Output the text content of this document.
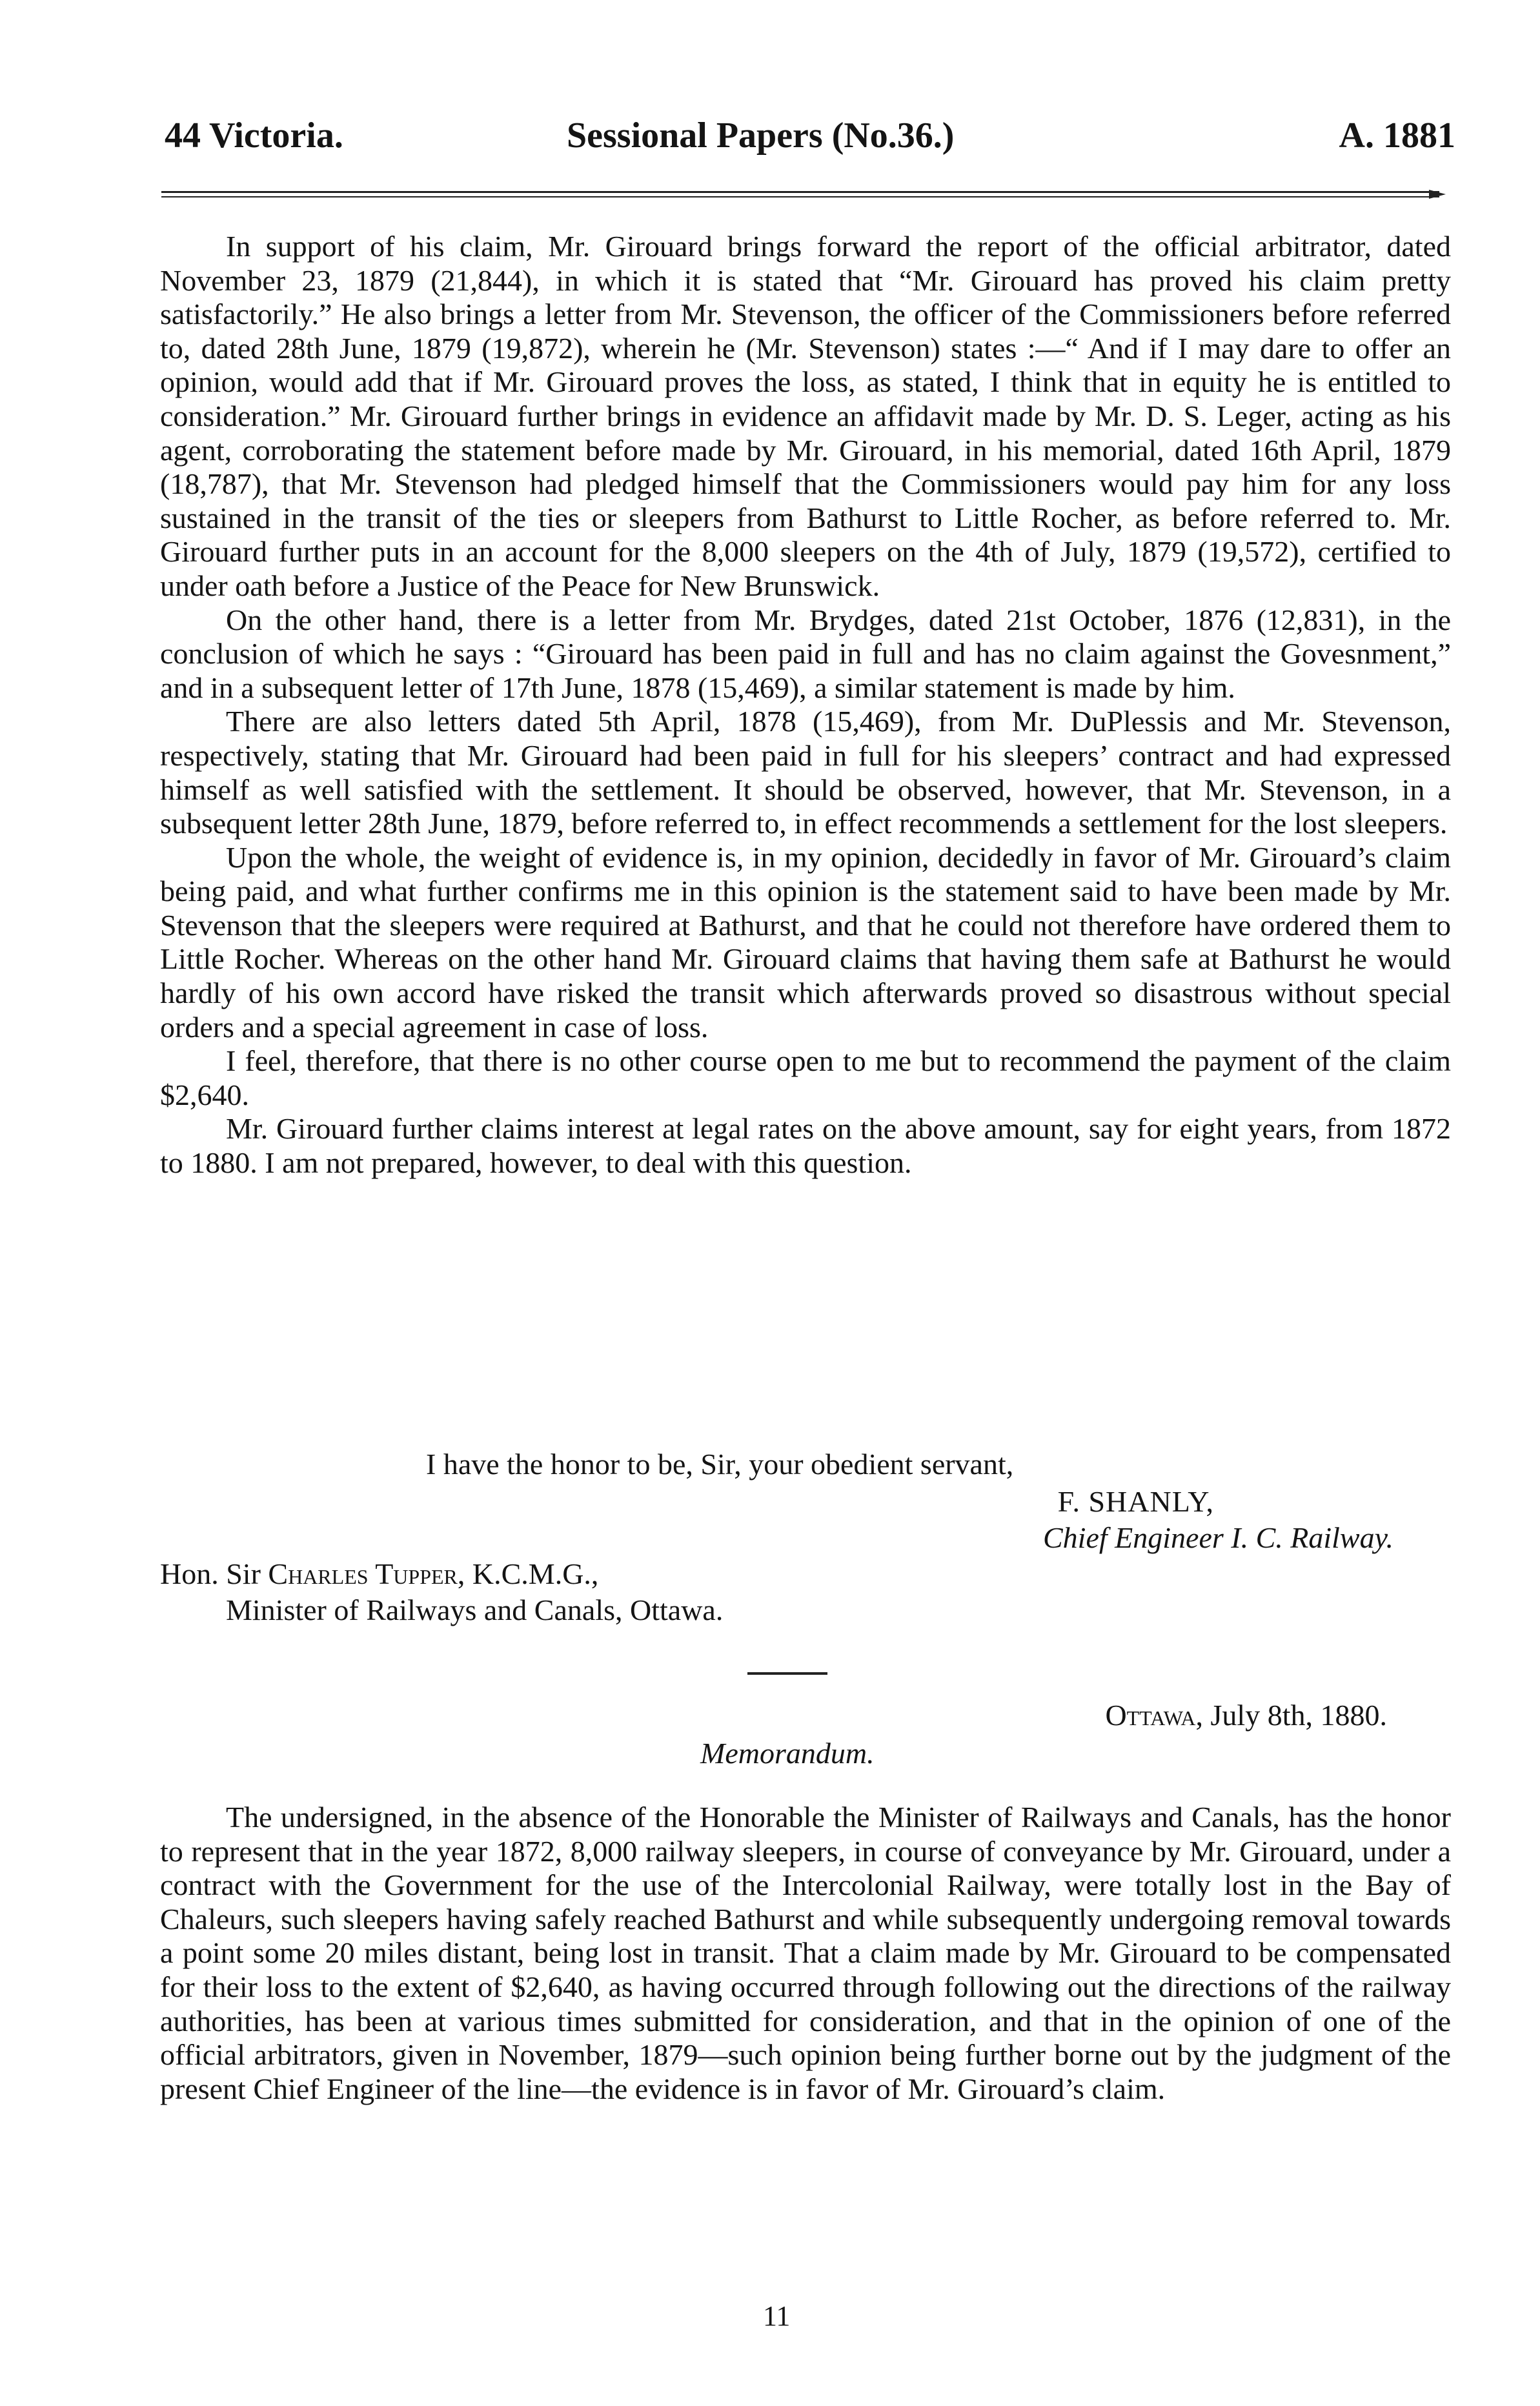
44 Victoria.	Sessional Papers (No.36.)	A. 1881

In support of his claim, Mr. Girouard brings forward the report of the official arbitrator, dated November 23, 1879 (21,844), in which it is stated that “Mr. Girouard has proved his claim pretty satisfactorily.” He also brings a letter from Mr. Stevenson, the officer of the Commissioners before referred to, dated 28th June, 1879 (19,872), wherein he (Mr. Stevenson) states :—“ And if I may dare to offer an opinion, would add that if Mr. Girouard proves the loss, as stated, I think that in equity he is entitled to consideration.” Mr. Girouard further brings in evidence an affidavit made by Mr. D. S. Leger, acting as his agent, corroborating the statement before made by Mr. Girouard, in his memorial, dated 16th April, 1879 (18,787), that Mr. Stevenson had pledged himself that the Commissioners would pay him for any loss sustained in the transit of the ties or sleepers from Bathurst to Little Rocher, as before referred to. Mr. Girouard further puts in an account for the 8,000 sleepers on the 4th of July, 1879 (19,572), certified to under oath before a Justice of the Peace for New Brunswick.

On the other hand, there is a letter from Mr. Brydges, dated 21st October, 1876 (12,831), in the conclusion of which he says : “Girouard has been paid in full and has no claim against the Govesnment,” and in a subsequent letter of 17th June, 1878 (15,469), a similar statement is made by him.

There are also letters dated 5th April, 1878 (15,469), from Mr. DuPlessis and Mr. Stevenson, respectively, stating that Mr. Girouard had been paid in full for his sleepers’ contract and had expressed himself as well satisfied with the settlement. It should be observed, however, that Mr. Stevenson, in a subsequent letter 28th June, 1879, before referred to, in effect recommends a settlement for the lost sleepers.

Upon the whole, the weight of evidence is, in my opinion, decidedly in favor of Mr. Girouard’s claim being paid, and what further confirms me in this opinion is the statement said to have been made by Mr. Stevenson that the sleepers were required at Bathurst, and that he could not therefore have ordered them to Little Rocher. Whereas on the other hand Mr. Girouard claims that having them safe at Bathurst he would hardly of his own accord have risked the transit which afterwards proved so disastrous without special orders and a special agreement in case of loss.

I feel, therefore, that there is no other course open to me but to recommend the payment of the claim $2,640.

Mr. Girouard further claims interest at legal rates on the above amount, say for eight years, from 1872 to 1880. I am not prepared, however, to deal with this question.

I have the honor to be, Sir, your obedient servant,
F. SHANLY,
Chief Engineer I. C. Railway.
Hon. Sir Charles Tupper, K.C.M.G.,
Minister of Railways and Canals, Ottawa.
Ottawa, July 8th, 1880.
Memorandum.

The undersigned, in the absence of the Honorable the Minister of Railways and Canals, has the honor to represent that in the year 1872, 8,000 railway sleepers, in course of conveyance by Mr. Girouard, under a contract with the Government for the use of the Intercolonial Railway, were totally lost in the Bay of Chaleurs, such sleepers having safely reached Bathurst and while subsequently undergoing removal towards a point some 20 miles distant, being lost in transit. That a claim made by Mr. Girouard to be compensated for their loss to the extent of $2,640, as having occurred through following out the directions of the railway authorities, has been at various times submitted for consideration, and that in the opinion of one of the official arbitrators, given in November, 1879—such opinion being further borne out by the judgment of the present Chief Engineer of the line—the evidence is in favor of Mr. Girouard’s claim.

11
